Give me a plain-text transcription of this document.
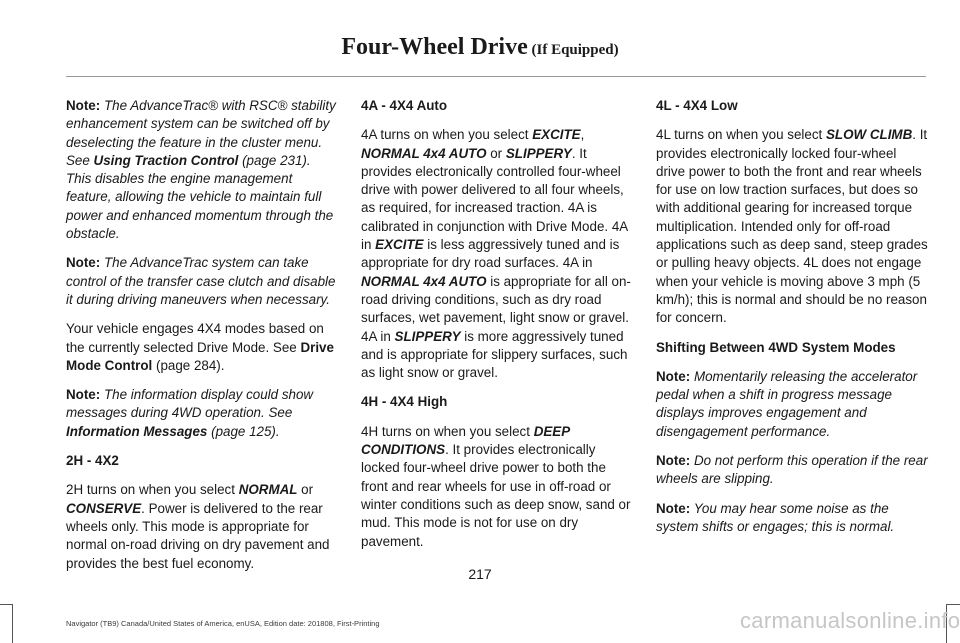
Four-Wheel Drive (If Equipped)

Note: The AdvanceTrac® with RSC® stability enhancement system can be switched off by deselecting the feature in the cluster menu. See Using Traction Control (page 231). This disables the engine management feature, allowing the vehicle to maintain full power and enhanced momentum through the obstacle.

Note: The AdvanceTrac system can take control of the transfer case clutch and disable it during driving maneuvers when necessary.

Your vehicle engages 4X4 modes based on the currently selected Drive Mode. See Drive Mode Control (page 284).

Note: The information display could show messages during 4WD operation. See Information Messages (page 125).

2H - 4X2

2H turns on when you select NORMAL or CONSERVE. Power is delivered to the rear wheels only. This mode is appropriate for normal on-road driving on dry pavement and provides the best fuel economy.

4A - 4X4 Auto

4A turns on when you select EXCITE, NORMAL 4x4 AUTO or SLIPPERY. It provides electronically controlled four-wheel drive with power delivered to all four wheels, as required, for increased traction. 4A is calibrated in conjunction with Drive Mode. 4A in EXCITE is less aggressively tuned and is appropriate for dry road surfaces. 4A in NORMAL 4x4 AUTO is appropriate for all on-road driving conditions, such as dry road surfaces, wet pavement, light snow or gravel. 4A in SLIPPERY is more aggressively tuned and is appropriate for slippery surfaces, such as light snow or gravel.

4H - 4X4 High

4H turns on when you select DEEP CONDITIONS. It provides electronically locked four-wheel drive power to both the front and rear wheels for use in off-road or winter conditions such as deep snow, sand or mud. This mode is not for use on dry pavement.

4L - 4X4 Low

4L turns on when you select SLOW CLIMB. It provides electronically locked four-wheel drive power to both the front and rear wheels for use on low traction surfaces, but does so with additional gearing for increased torque multiplication. Intended only for off-road applications such as deep sand, steep grades or pulling heavy objects. 4L does not engage when your vehicle is moving above 3 mph (5 km/h); this is normal and should be no reason for concern.

Shifting Between 4WD System Modes

Note: Momentarily releasing the accelerator pedal when a shift in progress message displays improves engagement and disengagement performance.

Note: Do not perform this operation if the rear wheels are slipping.

Note: You may hear some noise as the system shifts or engages; this is normal.

217
Navigator (TB9) Canada/United States of America, enUSA, Edition date: 201808, First-Printing	carmanualsonline.info
